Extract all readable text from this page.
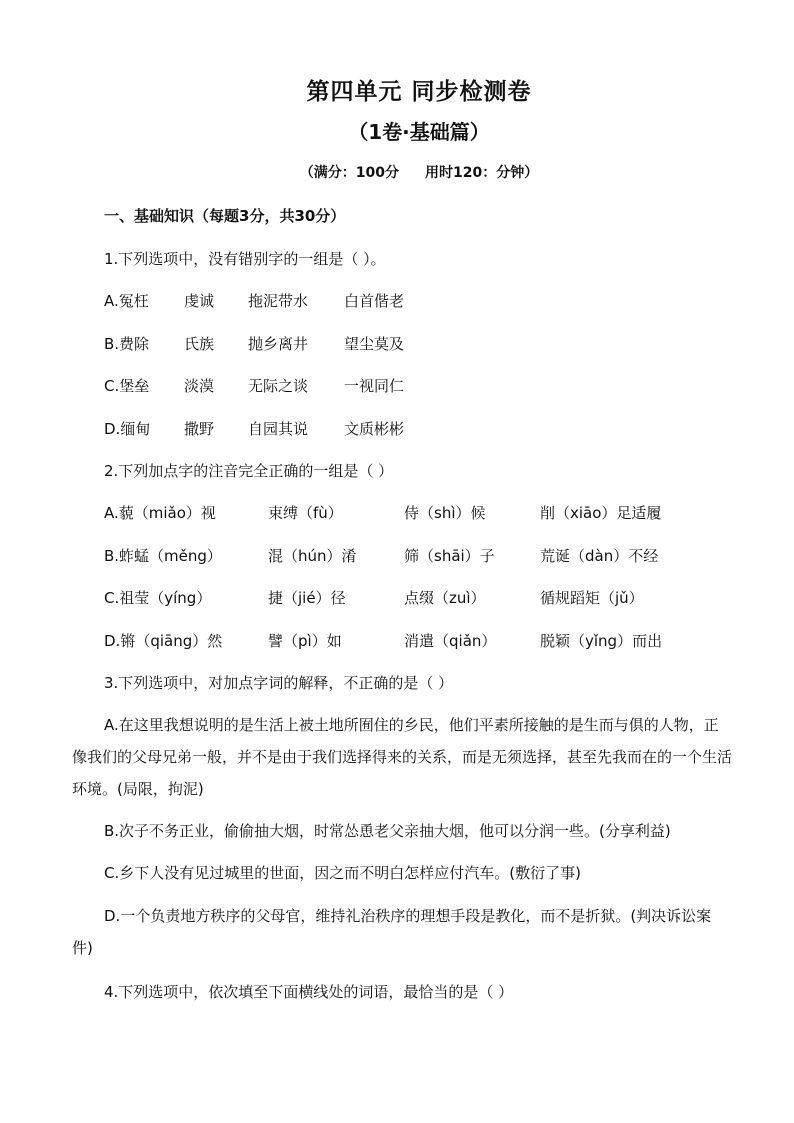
第四单元 同步检测卷
（1卷·基础篇）
（满分：100分 用时120：分钟）
一、基础知识（每题3分，共30分）
1.下列选项中，没有错别字的一组是（ ）。
A.冤枉 虔诚 拖泥带水 白首偕老
B.费除 氏族 抛乡离井 望尘莫及
C.堡垒 淡漠 无际之谈 一视同仁
D.缅甸 撒野 自园其说 文质彬彬
2.下列加点字的注音完全正确的一组是（ ）
A.藐（miǎo）视	束缚（fù）	侍（shì）候	削（xiāo）足适履
B.蚱蜢（měng）	混（hún）淆	筛（shāi）子	荒诞（dàn）不经
C.祖莹（yíng）	捷（jié）径	点缀（zuì）	循规蹈矩（jǔ）
D.锵（qiāng）然	譬（pì）如	消遣（qiǎn）	脱颖（yǐng）而出
3.下列选项中，对加点字词的解释，不正确的是（ ）
A.在这里我想说明的是生活上被土地所囿住的乡民，他们平素所接触的是生而与俱的人物，正像我们的父母兄弟一般，并不是由于我们选择得来的关系，而是无须选择，甚至先我而在的一个生活环境。(局限，拘泥)
B.次子不务正业，偷偷抽大烟，时常怂恿老父亲抽大烟，他可以分润一些。(分享利益)
C.乡下人没有见过城里的世面，因之而不明白怎样应付汽车。(敷衍了事)
D.一个负责地方秩序的父母官，维持礼治秩序的理想手段是教化，而不是折狱。(判决诉讼案件)
4.下列选项中，依次填至下面横线处的词语，最恰当的是（ ）
